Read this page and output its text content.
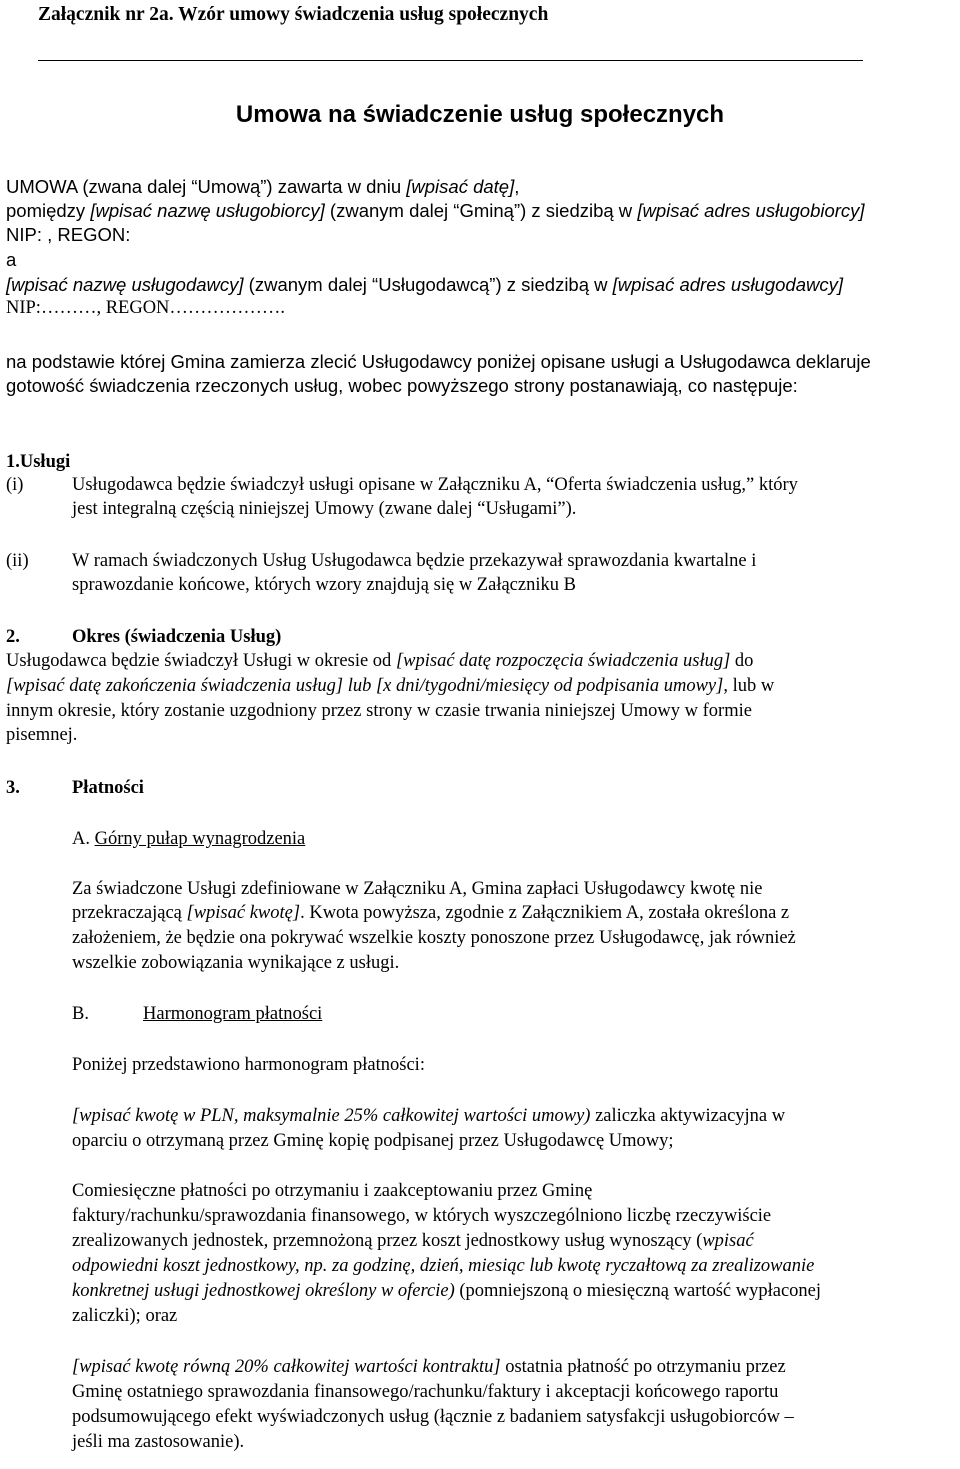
Załącznik nr 2a. Wzór umowy świadczenia usług społecznych
Umowa na świadczenie usług społecznych
UMOWA (zwana dalej “Umową”) zawarta w dniu [wpisać datę],
pomiędzy [wpisać nazwę usługobiorcy] (zwanym dalej “Gminą”) z siedzibą w [wpisać adres usługobiorcy]
NIP: , REGON:
a
[wpisać nazwę usługodawcy] (zwanym dalej “Usługodawcą”) z siedzibą w [wpisać adres usługodawcy]
NIP:………, REGON……………….
na podstawie której Gmina zamierza zlecić Usługodawcy poniżej opisane usługi a Usługodawca deklaruje
gotowość świadczenia rzeczonych usług, wobec powyższego strony postanawiają, co następuje:
1.Usługi
(i)	Usługodawca będzie świadczył usługi opisane w Załączniku A, “Oferta świadczenia usług,” który
jest integralną częścią niniejszej Umowy (zwane dalej “Usługami”).
(ii) W ramach świadczonych Usług Usługodawca będzie przekazywał sprawozdania kwartalne i
sprawozdanie końcowe, których wzory znajdują się w Załączniku B
2.	Okres (świadczenia Usług)
Usługodawca będzie świadczył Usługi w okresie od [wpisać datę rozpoczęcia świadczenia usług] do
[wpisać datę zakończenia świadczenia usług] lub [x dni/tygodni/miesięcy od podpisania umowy], lub w
innym okresie, który zostanie uzgodniony przez strony w czasie trwania niniejszej Umowy w formie
pisemnej.
3.	Płatności
A. Górny pułap wynagrodzenia
Za świadczone Usługi zdefiniowane w Załączniku A, Gmina zapłaci Usługodawcy kwotę nie
przekraczającą [wpisać kwotę]. Kwota powyższa, zgodnie z Załącznikiem A, została określona z
założeniem, że będzie ona pokrywać wszelkie koszty ponoszone przez Usługodawcę, jak również
wszelkie zobowiązania wynikające z usługi.
B.	Harmonogram płatności
Poniżej przedstawiono harmonogram płatności:
[wpisać kwotę w PLN, maksymalnie 25% całkowitej wartości umowy) zaliczka aktywizacyjna w
oparciu o otrzymaną przez Gminę kopię podpisanej przez Usługodawcę Umowy;
Comiesięczne płatności po otrzymaniu i zaakceptowaniu przez Gminę
faktury/rachunku/sprawozdania finansowego, w których wyszczególniono liczbę rzeczywiście
zrealizowanych jednostek, przemnożoną przez koszt jednostkowy usług wynoszący (wpisać
odpowiedni koszt jednostkowy, np. za godzinę, dzień, miesiąc lub kwotę ryczałtową za zrealizowanie
konkretnej usługi jednostkowej określony w ofercie) (pomniejszoną o miesięczną wartość wypłaconej
zaliczki); oraz
[wpisać kwotę równą 20% całkowitej wartości kontraktu] ostatnia płatność po otrzymaniu przez
Gminę ostatniego sprawozdania finansowego/rachunku/faktury i akceptacji końcowego raportu
podsumowującego efekt wyświadczonych usług (łącznie z badaniem satysfakcji usługobiorców –
jeśli ma zastosowanie).
